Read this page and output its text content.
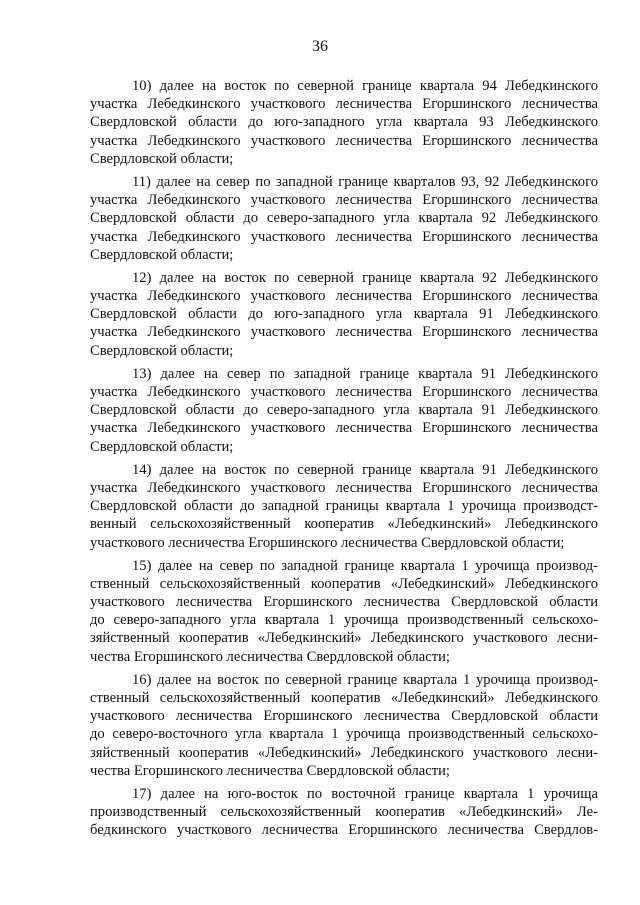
36
10) далее на восток по северной границе квартала 94 Лебедкинского
участка Лебедкинского участкового лесничества Егоршинского лесничества
Свердловской области до юго-западного угла квартала 93 Лебедкинского
участка Лебедкинского участкового лесничества Егоршинского лесничества
Свердловской области;
11) далее на север по западной границе кварталов 93, 92 Лебедкинского
участка Лебедкинского участкового лесничества Егоршинского лесничества
Свердловской области до северо-западного угла квартала 92 Лебедкинского
участка Лебедкинского участкового лесничества Егоршинского лесничества
Свердловской области;
12) далее на восток по северной границе квартала 92 Лебедкинского
участка Лебедкинского участкового лесничества Егоршинского лесничества
Свердловской области до юго-западного угла квартала 91 Лебедкинского
участка Лебедкинского участкового лесничества Егоршинского лесничества
Свердловской области;
13) далее на север по западной границе квартала 91 Лебедкинского
участка Лебедкинского участкового лесничества Егоршинского лесничества
Свердловской области до северо-западного угла квартала 91 Лебедкинского
участка Лебедкинского участкового лесничества Егоршинского лесничества
Свердловской области;
14) далее на восток по северной границе квартала 91 Лебедкинского
участка Лебедкинского участкового лесничества Егоршинского лесничества
Свердловской области до западной границы квартала 1 урочища производст-
венный сельскохозяйственный кооператив «Лебедкинский» Лебедкинского
участкового лесничества Егоршинского лесничества Свердловской области;
15) далее на север по западной границе квартала 1 урочища производ-
ственный сельскохозяйственный кооператив «Лебедкинский» Лебедкинского
участкового лесничества Егоршинского лесничества Свердловской области
до северо-западного угла квартала 1 урочища производственный сельскохо-
зяйственный кооператив «Лебедкинский» Лебедкинского участкового лесни-
чества Егоршинского лесничества Свердловской области;
16) далее на восток по северной границе квартала 1 урочища производ-
ственный сельскохозяйственный кооператив «Лебедкинский» Лебедкинского
участкового лесничества Егоршинского лесничества Свердловской области
до северо-восточного угла квартала 1 урочища производственный сельскохо-
зяйственный кооператив «Лебедкинский» Лебедкинского участкового лесни-
чества Егоршинского лесничества Свердловской области;
17) далее на юго-восток по восточной границе квартала 1 урочища
производственный сельскохозяйственный кооператив «Лебедкинский» Ле-
бедкинского участкового лесничества Егоршинского лесничества Свердлов-
